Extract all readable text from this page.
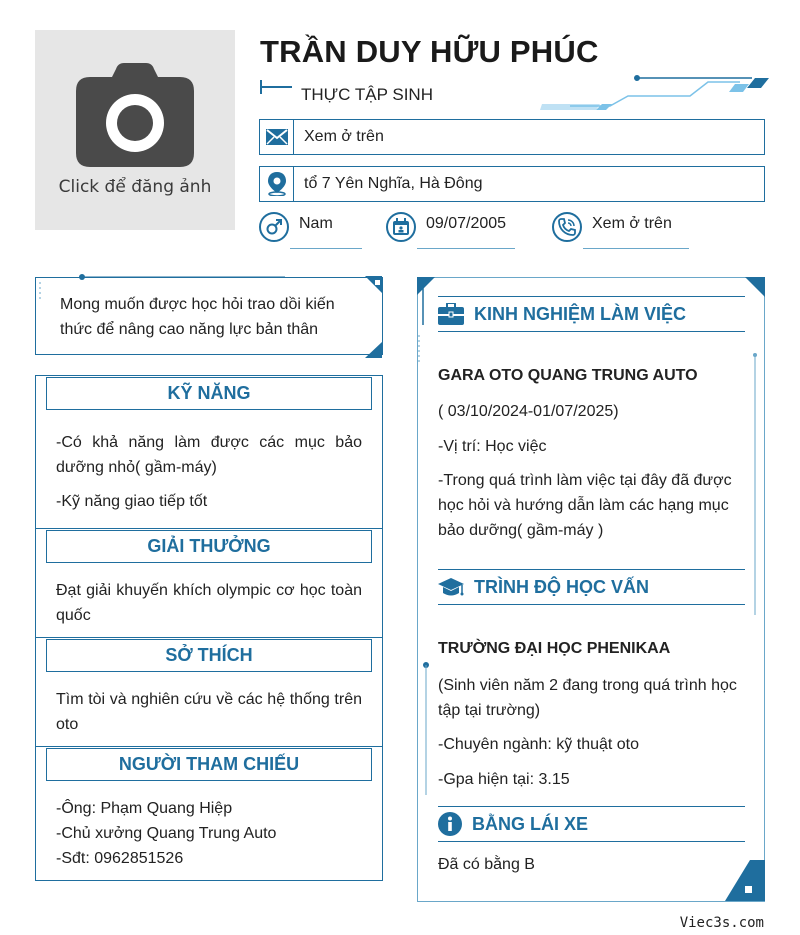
Click để đăng ảnh
TRẦN DUY HỮU PHÚC
THỰC TẬP SINH
Xem ở trên
tổ 7 Yên Nghĩa, Hà Đông
Nam	09/07/2005	Xem ở trên
Mong muốn được học hỏi trao dồi kiến thức để nâng cao năng lực bản thân
KỸ NĂNG
-Có khả năng làm được các mục bảo dưỡng nhỏ( gầm-máy)
-Kỹ năng giao tiếp tốt
GIẢI THƯỞNG
Đạt giải khuyến khích olympic cơ học toàn quốc
SỞ THÍCH
Tìm tòi và nghiên cứu về các hệ thống trên oto
NGƯỜI THAM CHIẾU
-Ông: Phạm Quang Hiệp
-Chủ xưởng Quang Trung Auto
-Sđt: 0962851526
KINH NGHIỆM LÀM VIỆC
GARA OTO QUANG TRUNG AUTO
( 03/10/2024-01/07/2025)
-Vị trí: Học việc
-Trong quá trình làm việc tại đây đã được học hỏi và hướng dẫn làm các hạng mục bảo dưỡng( gầm-máy )
TRÌNH ĐỘ HỌC VẤN
TRƯỜNG ĐẠI HỌC PHENIKAA
(Sinh viên năm 2 đang trong quá trình học tập tại trường)
-Chuyên ngành: kỹ thuật oto
-Gpa hiện tại: 3.15
BẰNG LÁI XE
Đã có bằng B
Viec3s.com
